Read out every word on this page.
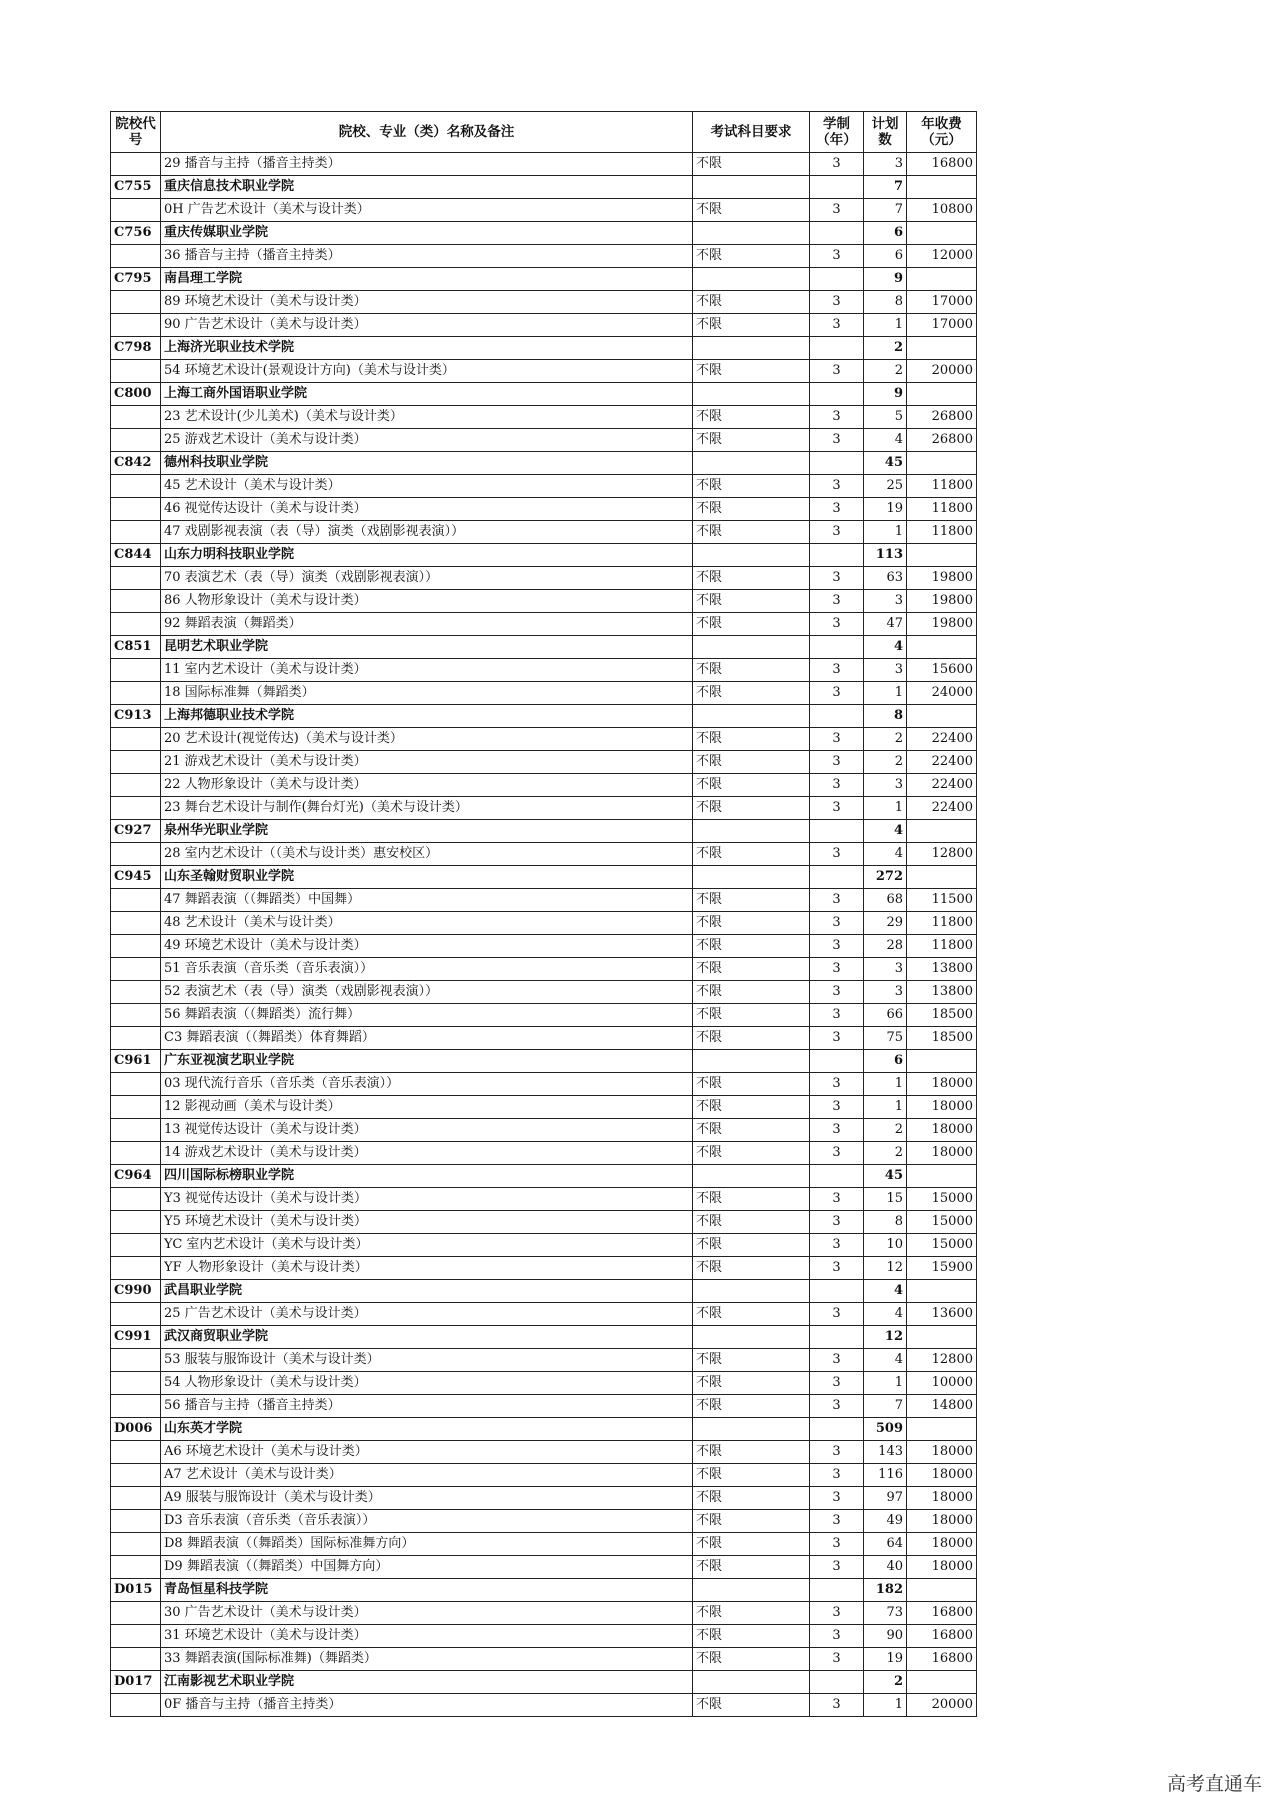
院校代号	院校、专业（类）名称及备注	考试科目要求	学制（年）	计划数	年收费（元）
	29 播音与主持（播音主持类）	不限	3	3	16800
C755	重庆信息技术职业学院			7	
	0H 广告艺术设计（美术与设计类）	不限	3	7	10800
C756	重庆传媒职业学院			6	
	36 播音与主持（播音主持类）	不限	3	6	12000
C795	南昌理工学院			9	
	89 环境艺术设计（美术与设计类）	不限	3	8	17000
	90 广告艺术设计（美术与设计类）	不限	3	1	17000
C798	上海济光职业技术学院			2	
	54 环境艺术设计(景观设计方向)（美术与设计类）	不限	3	2	20000
C800	上海工商外国语职业学院			9	
	23 艺术设计(少儿美术)（美术与设计类）	不限	3	5	26800
	25 游戏艺术设计（美术与设计类）	不限	3	4	26800
C842	德州科技职业学院			45	
	45 艺术设计（美术与设计类）	不限	3	25	11800
	46 视觉传达设计（美术与设计类）	不限	3	19	11800
	47 戏剧影视表演（表（导）演类（戏剧影视表演））	不限	3	1	11800
C844	山东力明科技职业学院			113	
	70 表演艺术（表（导）演类（戏剧影视表演））	不限	3	63	19800
	86 人物形象设计（美术与设计类）	不限	3	3	19800
	92 舞蹈表演（舞蹈类）	不限	3	47	19800
C851	昆明艺术职业学院			4	
	11 室内艺术设计（美术与设计类）	不限	3	3	15600
	18 国际标准舞（舞蹈类）	不限	3	1	24000
C913	上海邦德职业技术学院			8	
	20 艺术设计(视觉传达)（美术与设计类）	不限	3	2	22400
	21 游戏艺术设计（美术与设计类）	不限	3	2	22400
	22 人物形象设计（美术与设计类）	不限	3	3	22400
	23 舞台艺术设计与制作(舞台灯光)（美术与设计类）	不限	3	1	22400
C927	泉州华光职业学院			4	
	28 室内艺术设计（（美术与设计类）惠安校区）	不限	3	4	12800
C945	山东圣翰财贸职业学院			272	
	47 舞蹈表演（（舞蹈类）中国舞）	不限	3	68	11500
	48 艺术设计（美术与设计类）	不限	3	29	11800
	49 环境艺术设计（美术与设计类）	不限	3	28	11800
	51 音乐表演（音乐类（音乐表演））	不限	3	3	13800
	52 表演艺术（表（导）演类（戏剧影视表演））	不限	3	3	13800
	56 舞蹈表演（（舞蹈类）流行舞）	不限	3	66	18500
	C3 舞蹈表演（（舞蹈类）体育舞蹈）	不限	3	75	18500
C961	广东亚视演艺职业学院			6	
	03 现代流行音乐（音乐类（音乐表演））	不限	3	1	18000
	12 影视动画（美术与设计类）	不限	3	1	18000
	13 视觉传达设计（美术与设计类）	不限	3	2	18000
	14 游戏艺术设计（美术与设计类）	不限	3	2	18000
C964	四川国际标榜职业学院			45	
	Y3 视觉传达设计（美术与设计类）	不限	3	15	15000
	Y5 环境艺术设计（美术与设计类）	不限	3	8	15000
	YC 室内艺术设计（美术与设计类）	不限	3	10	15000
	YF 人物形象设计（美术与设计类）	不限	3	12	15900
C990	武昌职业学院			4	
	25 广告艺术设计（美术与设计类）	不限	3	4	13600
C991	武汉商贸职业学院			12	
	53 服装与服饰设计（美术与设计类）	不限	3	4	12800
	54 人物形象设计（美术与设计类）	不限	3	1	10000
	56 播音与主持（播音主持类）	不限	3	7	14800
D006	山东英才学院			509	
	A6 环境艺术设计（美术与设计类）	不限	3	143	18000
	A7 艺术设计（美术与设计类）	不限	3	116	18000
	A9 服装与服饰设计（美术与设计类）	不限	3	97	18000
	D3 音乐表演（音乐类（音乐表演））	不限	3	49	18000
	D8 舞蹈表演（（舞蹈类）国际标准舞方向）	不限	3	64	18000
	D9 舞蹈表演（（舞蹈类）中国舞方向）	不限	3	40	18000
D015	青岛恒星科技学院			182	
	30 广告艺术设计（美术与设计类）	不限	3	73	16800
	31 环境艺术设计（美术与设计类）	不限	3	90	16800
	33 舞蹈表演(国际标准舞)（舞蹈类）	不限	3	19	16800
D017	江南影视艺术职业学院			2	
	0F 播音与主持（播音主持类）	不限	3	1	20000
高考直通车
